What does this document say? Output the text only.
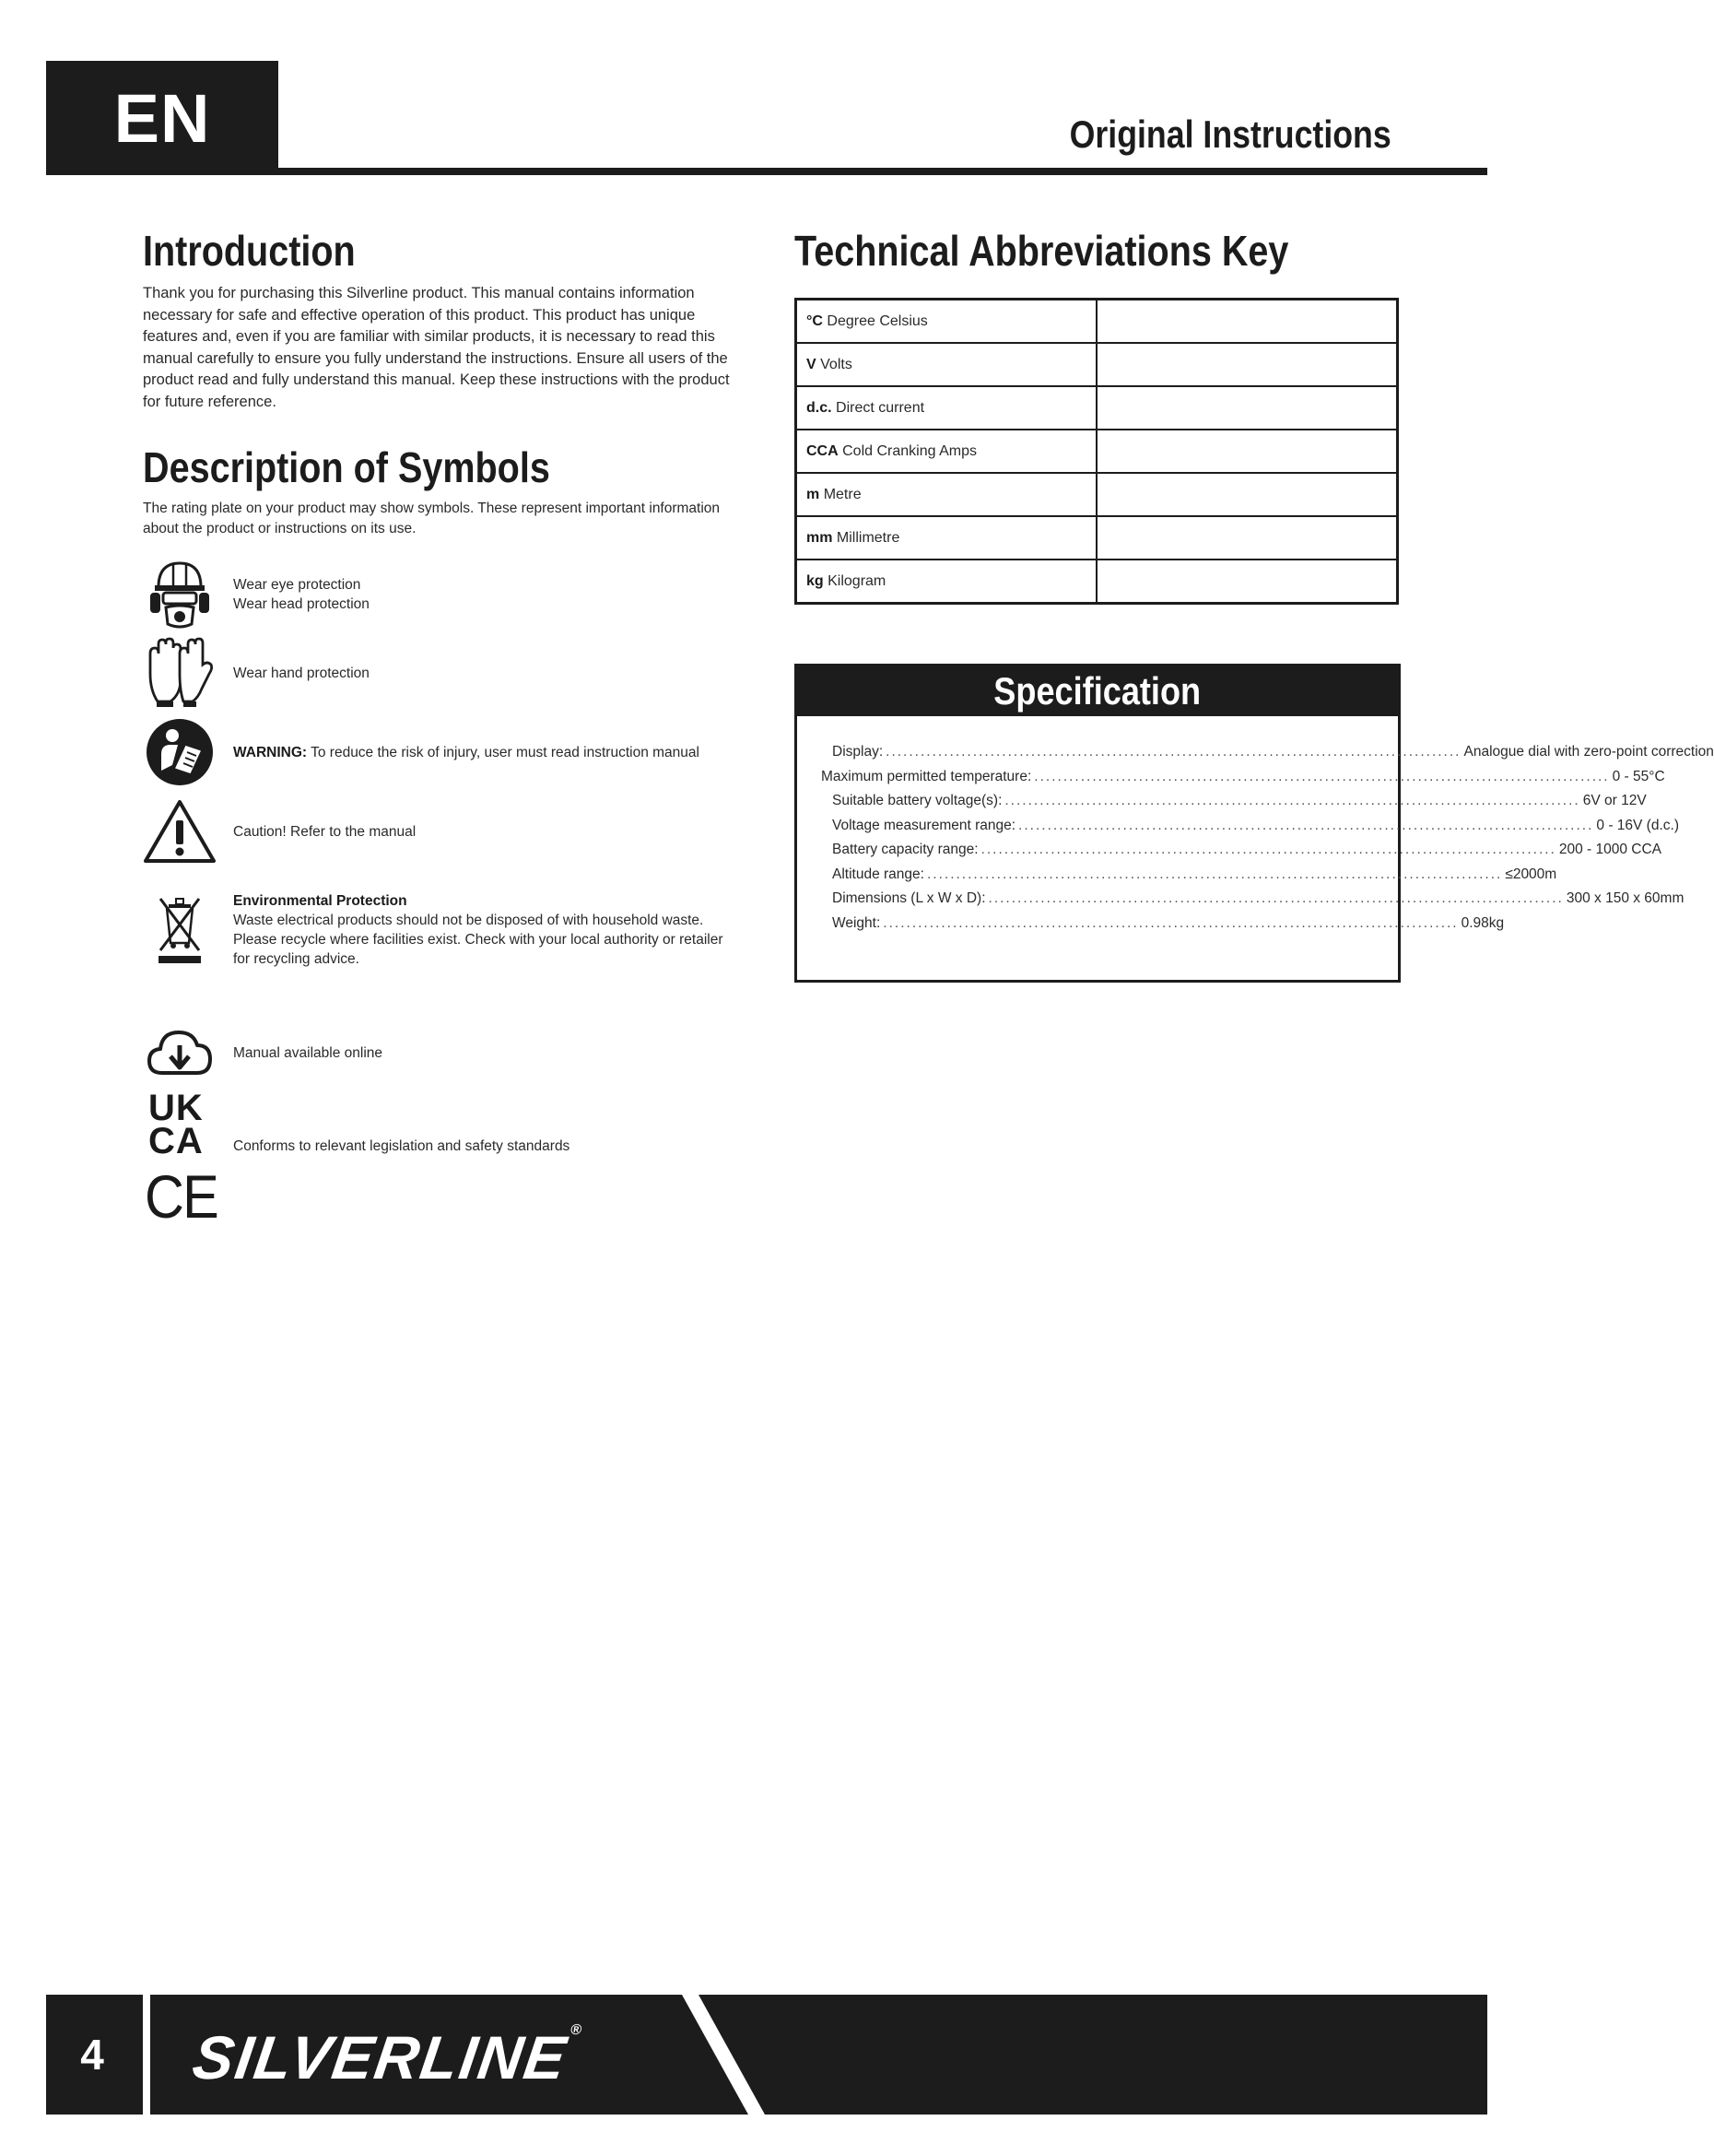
EN	Original Instructions
Introduction

Thank you for purchasing this Silverline product. This manual contains information necessary for safe and effective operation of this product. This product has unique features and, even if you are familiar with similar products, it is necessary to read this manual carefully to ensure you fully understand the instructions. Ensure all users of the product read and fully understand this manual. Keep these instructions with the product for future reference.

Description of Symbols

The rating plate on your product may show symbols. These represent important information about the product or instructions on its use.

Wear eye protection
Wear head protection
Wear hand protection
WARNING: To reduce the risk of injury, user must read instruction manual
Caution! Refer to the manual
Environmental Protection
Waste electrical products should not be disposed of with household waste. Please recycle where facilities exist. Check with your local authority or retailer for recycling advice.
Manual available online
UK
CA
CE
Conforms to relevant legislation and safety standards
Technical Abbreviations Key
°C Degree Celsius	
V Volts	
d.c. Direct current	
CCA Cold Cranking Amps	
m Metre	
mm Millimetre	
kg Kilogram	
Specification
Display: ................................................................................................... Analogue dial with zero-point correction
Maximum permitted temperature: ................................................................................................... 0 - 55°C
Suitable battery voltage(s): ................................................................................................... 6V or 12V
Voltage measurement range: ................................................................................................... 0 - 16V (d.c.)
Battery capacity range: ................................................................................................... 200 - 1000 CCA
Altitude range: ................................................................................................... ≤2000m
Dimensions (L x W x D): ................................................................................................... 300 x 150 x 60mm
Weight: ................................................................................................... 0.98kg
4	SILVERLINE®
